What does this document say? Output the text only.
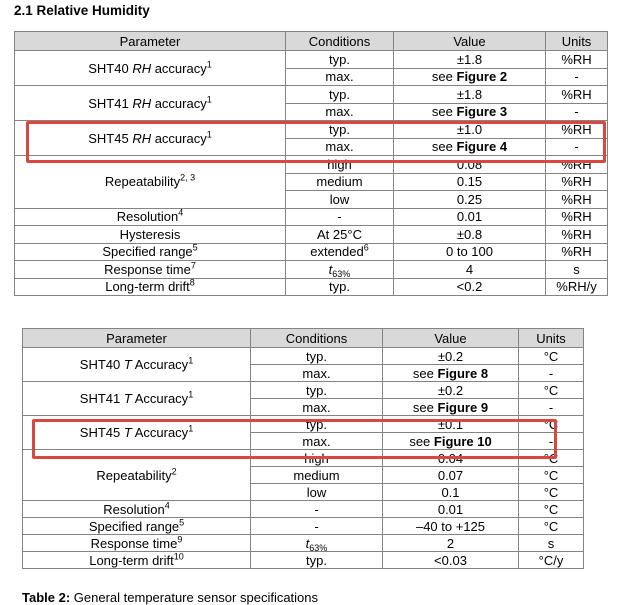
2.1 Relative Humidity
Parameter	Conditions	Value	Units
SHT40 RH accuracy$^1$	typ.	±1.8	%RH
	max.	see Figure 2	-
SHT41 RH accuracy$^1$	typ.	±1.8	%RH
	max.	see Figure 3	-
SHT45 RH accuracy$^1$	typ.	±1.0	%RH
	max.	see Figure 4	-
Repeatability$^{2, 3}$	high	0.08	%RH
	medium	0.15	%RH
	low	0.25	%RH
Resolution$^4$	-	0.01	%RH
Hysteresis	At 25°C	±0.8	%RH
Specified range$^5$	extended$^6$	0 to 100	%RH
Response time$^7$	$t_{63\%}$	4	s
Long-term drift$^8$	typ.	<0.2	%RH/y
Parameter	Conditions	Value	Units
SHT40 T Accuracy$^1$	typ.	±0.2	°C
	max.	see Figure 8	-
SHT41 T Accuracy$^1$	typ.	±0.2	°C
	max.	see Figure 9	-
SHT45 T Accuracy$^1$	typ.	±0.1	°C
	max.	see Figure 10	-
Repeatability$^2$	high	0.04	°C
	medium	0.07	°C
	low	0.1	°C
Resolution$^4$	-	0.01	°C
Specified range$^5$	-	–40 to +125	°C
Response time$^9$	$t_{63\%}$	2	s
Long-term drift$^{10}$	typ.	<0.03	°C/y
Table 2: General temperature sensor specifications
